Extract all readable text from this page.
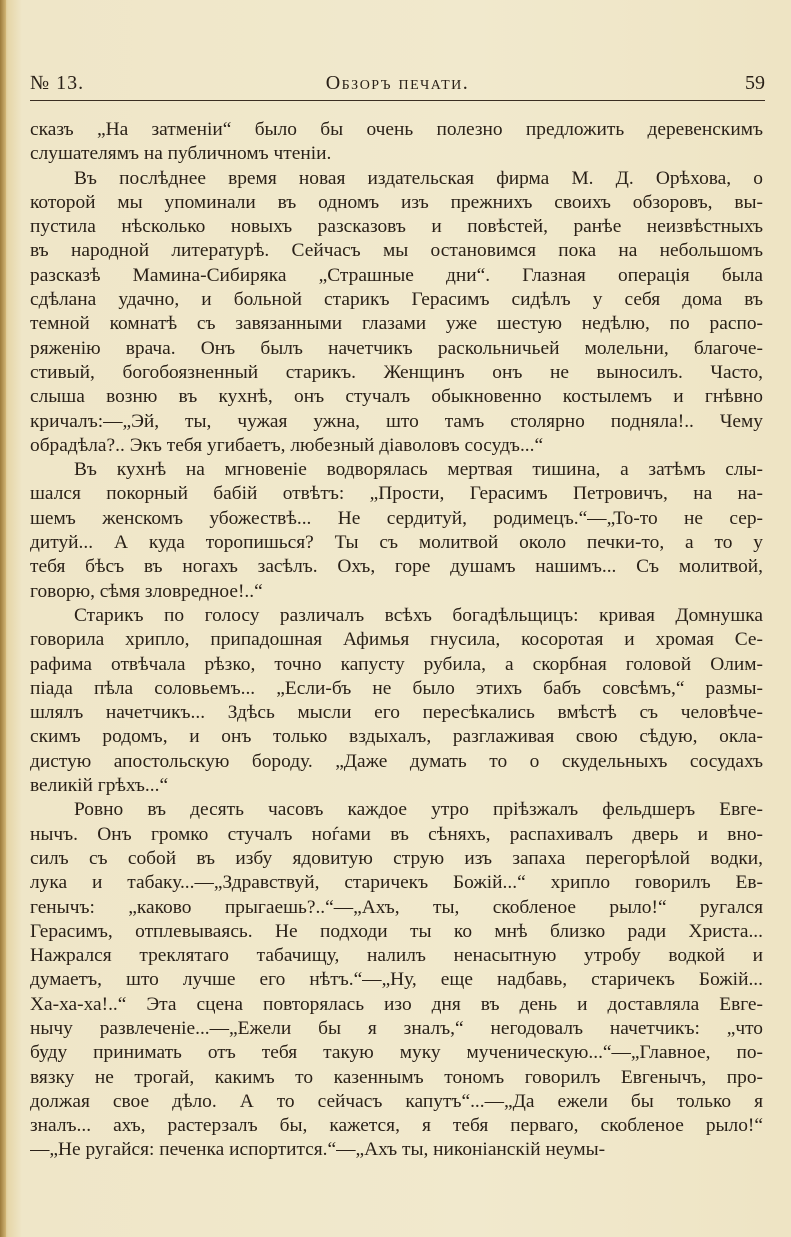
№ 13.	Обзоръ печати.	59
сказъ „На затменіи“ было бы очень полезно предложить деревенскимъ
слушателямъ на публичномъ чтеніи.
Въ послѣднее время новая издательская фирма М. Д. Орѣхова, о
которой мы упоминали въ одномъ изъ прежнихъ своихъ обзоровъ, вы-
пустила нѣсколько новыхъ разсказовъ и повѣстей, ранѣе неизвѣстныхъ
въ народной литературѣ. Сейчасъ мы остановимся пока на небольшомъ
разсказѣ Мамина-Сибиряка „Страшные дни“. Глазная операція была
сдѣлана удачно, и больной старикъ Герасимъ сидѣлъ у себя дома въ
темной комнатѣ съ завязанными глазами уже шестую недѣлю, по распо-
ряженію врача. Онъ былъ начетчикъ раскольничьей молельни, благоче-
стивый, богобоязненный старикъ. Женщинъ онъ не выносилъ. Часто,
слыша возню въ кухнѣ, онъ стучалъ обыкновенно костылемъ и гнѣвно
кричалъ:—„Эй, ты, чужая ужна, што тамъ столярно подняла!.. Чему
обрадѣла?.. Экъ тебя угибаетъ, любезный діаволовъ сосудъ...“
Въ кухнѣ на мгновеніе водворялась мертвая тишина, а затѣмъ слы-
шался покорный бабій отвѣтъ: „Прости, Герасимъ Петровичъ, на на-
шемъ женскомъ убожествѣ... Не сердитуй, родимецъ.“—„То-то не сер-
дитуй... А куда торопишься? Ты съ молитвой около печки-то, а то у
тебя бѣсъ въ ногахъ засѣлъ. Охъ, горе душамъ нашимъ... Съ молитвой,
говорю, сѣмя зловредное!..“
Старикъ по голосу различалъ всѣхъ богадѣльщицъ: кривая Домнушка
говорила хрипло, припадошная Афимья гнусила, косоротая и хромая Се-
рафима отвѣчала рѣзко, точно капусту рубила, а скорбная головой Олим-
піада пѣла соловьемъ... „Если-бъ не было этихъ бабъ совсѣмъ,“ размы-
шлялъ начетчикъ... Здѣсь мысли его пересѣкались вмѣстѣ съ человѣче-
скимъ родомъ, и онъ только вздыхалъ, разглаживая свою сѣдую, окла-
дистую апостольскую бороду. „Даже думать то о скудельныхъ сосудахъ
великій грѣхъ...“
Ровно въ десять часовъ каждое утро пріѣзжалъ фельдшеръ Евге-
нычъ. Онъ громко стучалъ ноѓами въ сѣняхъ, распахивалъ дверь и вно-
силъ съ собой въ избу ядовитую струю изъ запаха перегорѣлой водки,
лука и табаку...—„Здравствуй, старичекъ Божій...“ хрипло говорилъ Ев-
генычъ: „каково прыгаешь?..“—„Ахъ, ты, скобленое рыло!“ ругался
Герасимъ, отплевываясь. Не подходи ты ко мнѣ близко ради Христа...
Нажрался треклятаго табачищу, налилъ ненасытную утробу водкой и
думаетъ, што лучше его нѣтъ.“—„Ну, еще надбавь, старичекъ Божій...
Ха-ха-ха!..“ Эта сцена повторялась изо дня въ день и доставляла Евге-
нычу развлеченіе...—„Ежели бы я зналъ,“ негодовалъ начетчикъ: „что
буду принимать отъ тебя такую муку мученическую...“—„Главное, по-
вязку не трогай, какимъ то казеннымъ тономъ говорилъ Евгенычъ, про-
должая свое дѣло. А то сейчасъ капутъ“...—„Да ежели бы только я
зналъ... ахъ, растерзалъ бы, кажется, я тебя перваго, скобленое рыло!“
—„Не ругайся: печенка испортится.“—„Ахъ ты, никоніанскій неумы-
